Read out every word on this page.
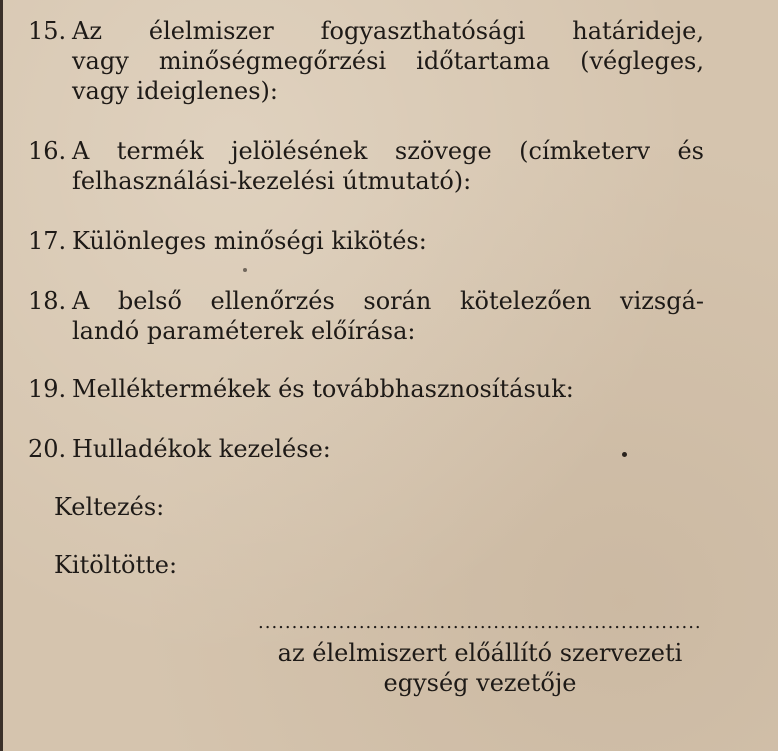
15. Az élelmiszer fogyaszthatósági határideje,
vagy minőségmegőrzési időtartama (végleges,
vagy ideiglenes):
16. A termék jelölésének szövege (címketerv és
felhasználási-kezelési útmutató):
17. Különleges minőségi kikötés:
18. A belső ellenőrzés során kötelezően vizsgá-
landó paraméterek előírása:
19. Melléktermékek és továbbhasznosításuk:
20. Hulladékok kezelése:
Keltezés:
Kitöltötte:
..................................................................
az élelmiszert előállító szervezeti
egység vezetője
